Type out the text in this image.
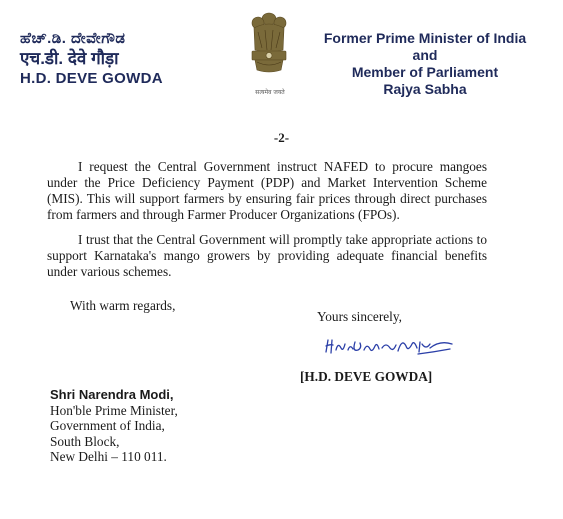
ಹೆಚ್.ಡಿ. ದೇವೇಗೌಡ
एच.डी. देवे गौड़ा
H.D. DEVE GOWDA
सत्यमेव जयते
Former Prime Minister of India
and
Member of Parliament
Rajya Sabha
-2-
I request the Central Government instruct NAFED to procure mangoes under the Price Deficiency Payment (PDP) and Market Intervention Scheme (MIS). This will support farmers by ensuring fair prices through direct purchases from farmers and through Farmer Producer Organizations (FPOs).
I trust that the Central Government will promptly take appropriate actions to support Karnataka's mango growers by providing adequate financial benefits under various schemes.
With warm regards,
Yours sincerely,
[H.D. DEVE GOWDA]
Shri Narendra Modi,
Hon'ble Prime Minister,
Government of India,
South Block,
New Delhi – 110 011.
